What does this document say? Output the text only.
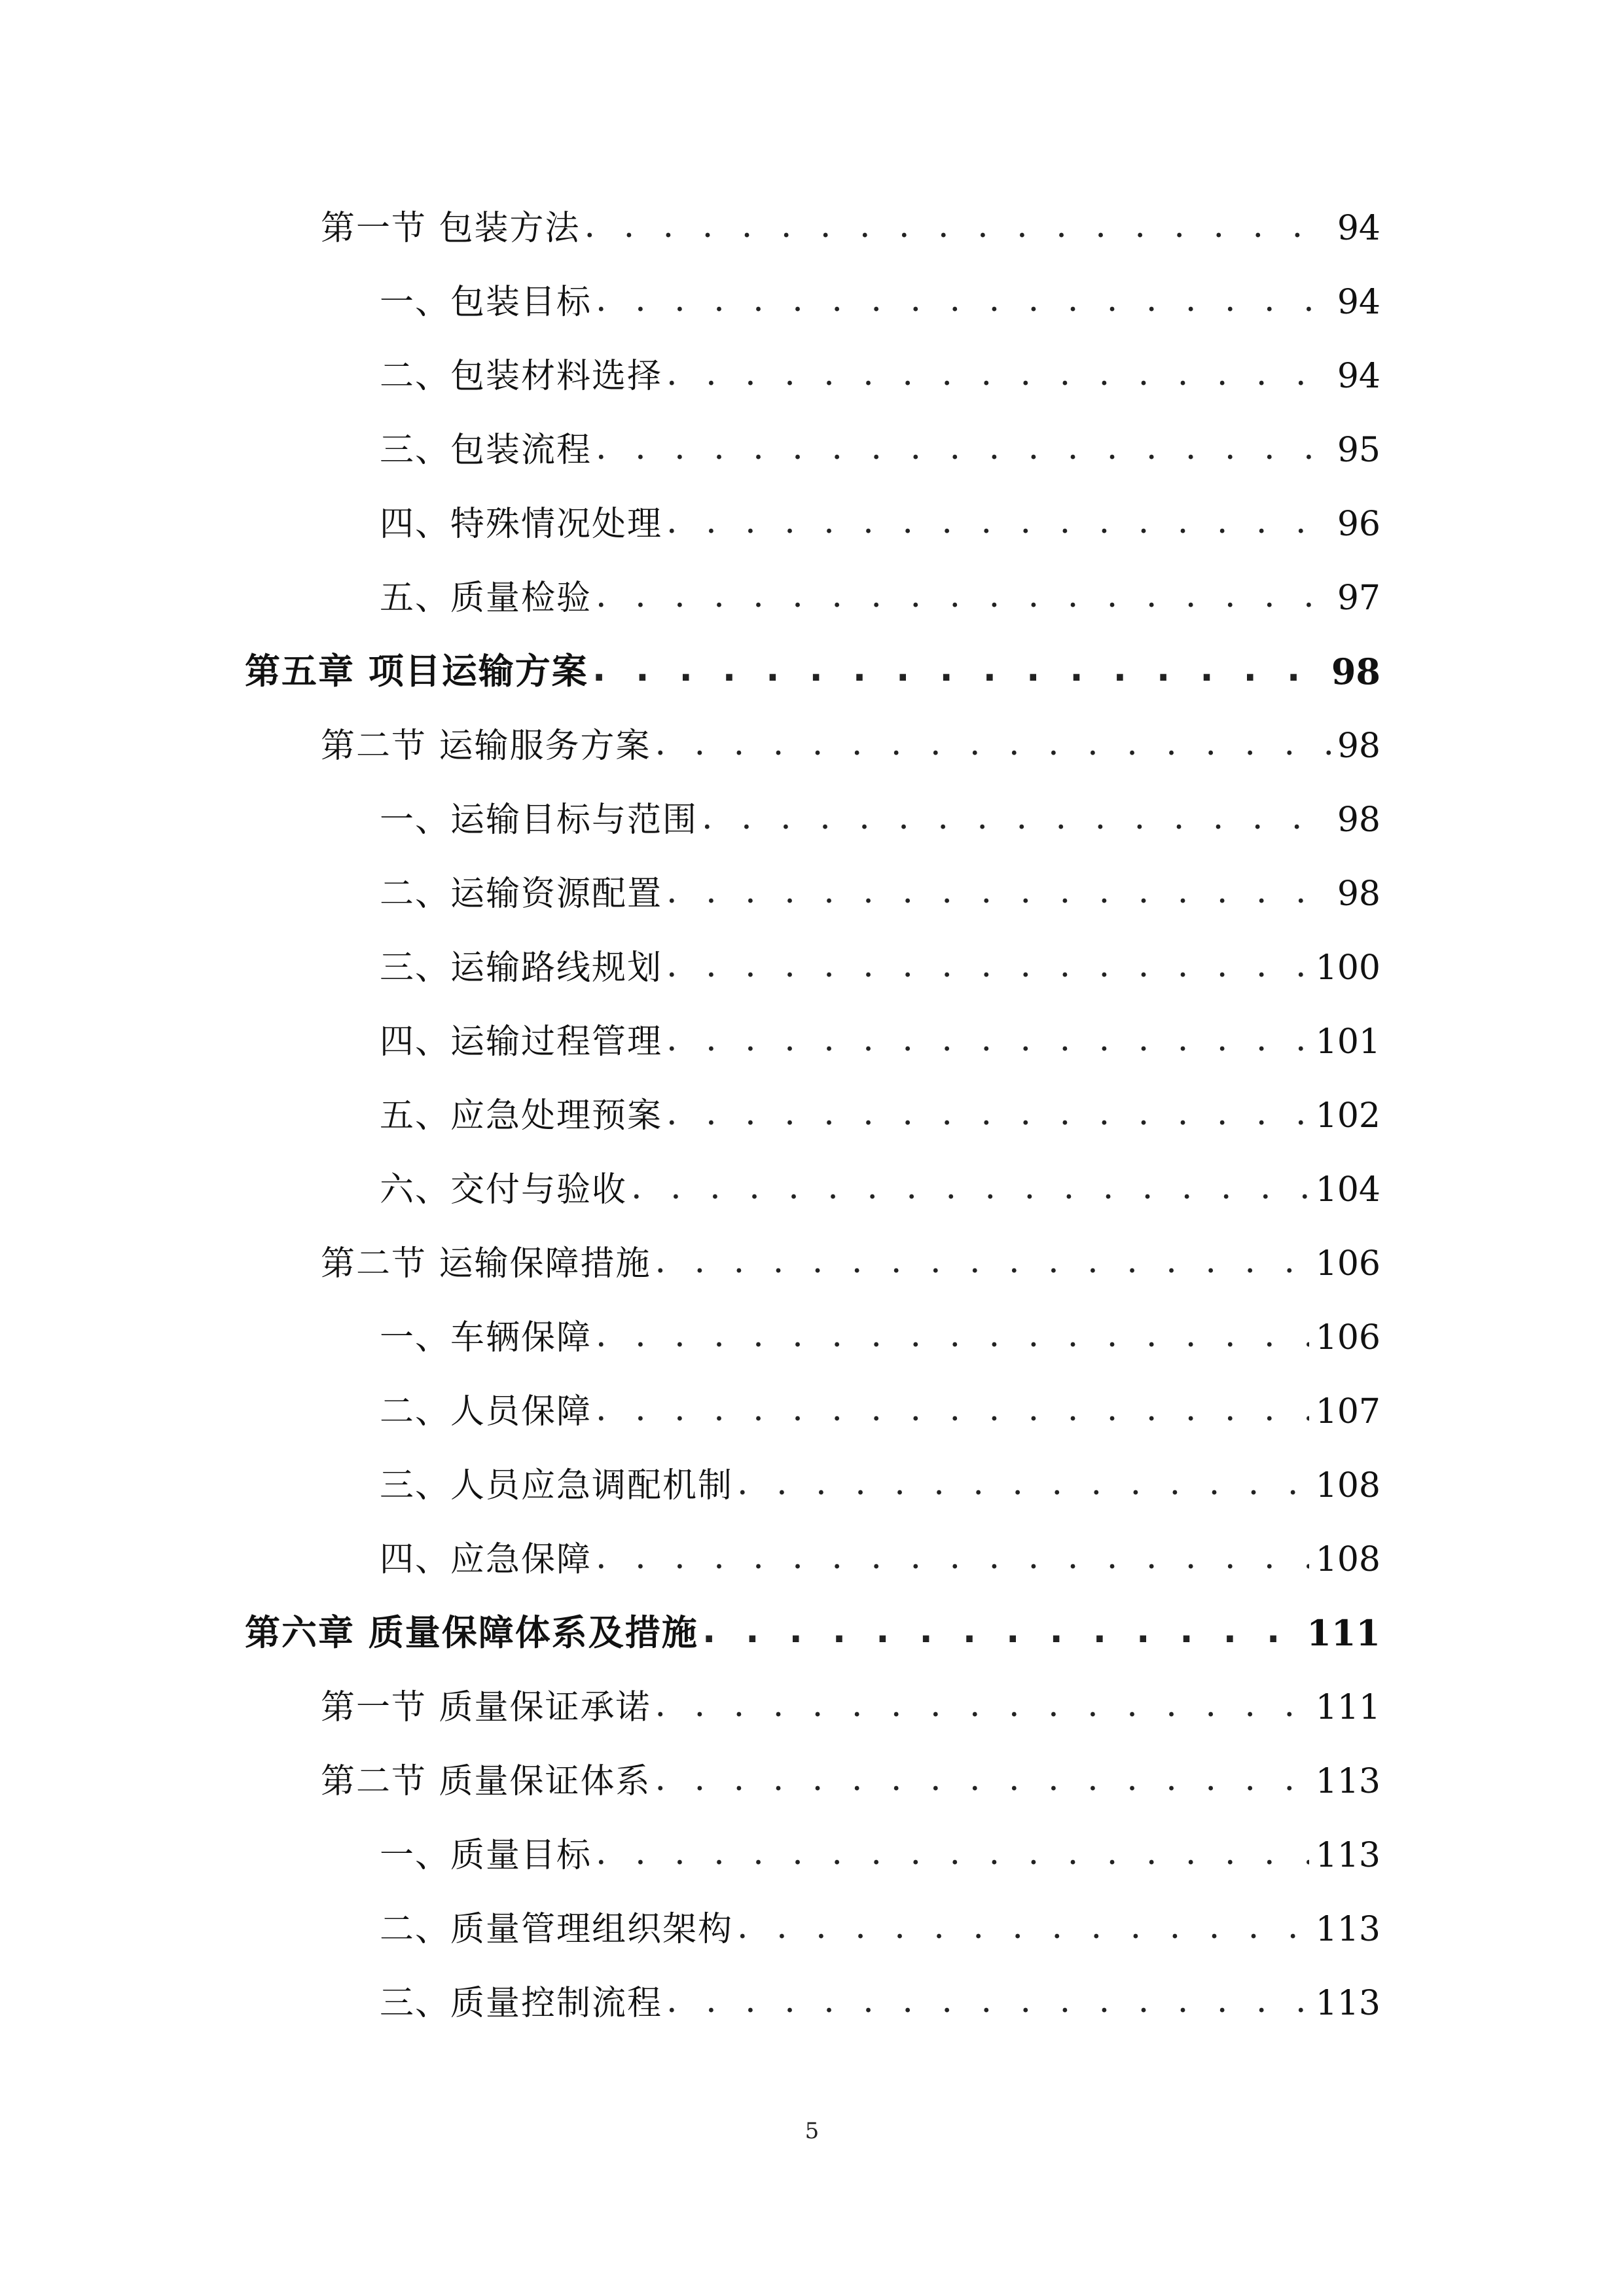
第一节 包装方法 . . .	94
一、包装目标 . . .	94
二、包装材料选择 . . .	94
三、包装流程 . . .	95
四、特殊情况处理 . . .	96
五、质量检验 . . .	97
第五章 项目运输方案 . . .	98
第二节 运输服务方案 . . .	98
一、运输目标与范围 . . .	98
二、运输资源配置 . . .	98
三、运输路线规划 . . .	100
四、运输过程管理 . . .	101
五、应急处理预案 . . .	102
六、交付与验收 . . .	104
第二节 运输保障措施 . . .	106
一、车辆保障 . . .	106
二、人员保障 . . .	107
三、人员应急调配机制 . . .	108
四、应急保障 . . .	108
第六章 质量保障体系及措施 . . .	111
第一节 质量保证承诺 . . .	111
第二节 质量保证体系 . . .	113
一、质量目标 . . .	113
二、质量管理组织架构 . . .	113
三、质量控制流程 . . .	113
5
